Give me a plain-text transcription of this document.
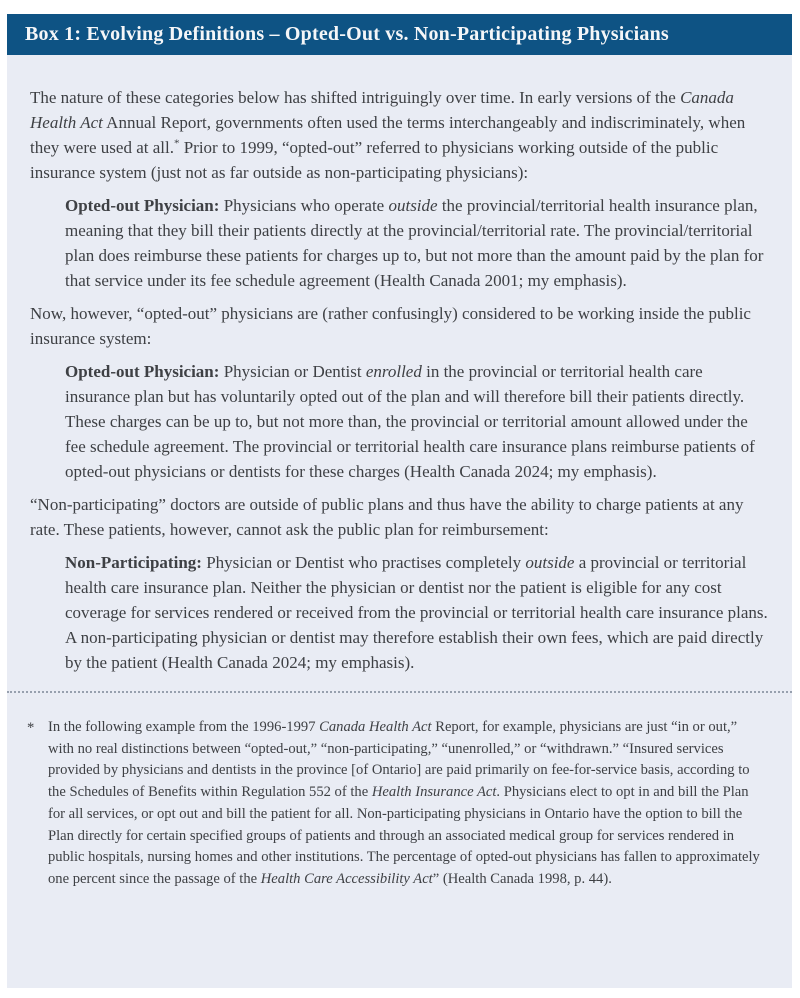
Box 1: Evolving Definitions – Opted-Out vs. Non-Participating Physicians

The nature of these categories below has shifted intriguingly over time. In early versions of the Canada Health Act Annual Report, governments often used the terms interchangeably and indiscriminately, when they were used at all.* Prior to 1999, “opted-out” referred to physicians working outside of the public insurance system (just not as far outside as non-participating physicians):

Opted-out Physician: Physicians who operate outside the provincial/territorial health insurance plan, meaning that they bill their patients directly at the provincial/territorial rate. The provincial/territorial plan does reimburse these patients for charges up to, but not more than the amount paid by the plan for that service under its fee schedule agreement (Health Canada 2001; my emphasis).

Now, however, “opted-out” physicians are (rather confusingly) considered to be working inside the public insurance system:

Opted-out Physician: Physician or Dentist enrolled in the provincial or territorial health care insurance plan but has voluntarily opted out of the plan and will therefore bill their patients directly. These charges can be up to, but not more than, the provincial or territorial amount allowed under the fee schedule agreement. The provincial or territorial health care insurance plans reimburse patients of opted-out physicians or dentists for these charges (Health Canada 2024; my emphasis).

“Non-participating” doctors are outside of public plans and thus have the ability to charge patients at any rate. These patients, however, cannot ask the public plan for reimbursement:

Non-Participating: Physician or Dentist who practises completely outside a provincial or territorial health care insurance plan. Neither the physician or dentist nor the patient is eligible for any cost coverage for services rendered or received from the provincial or territorial health care insurance plans. A non-participating physician or dentist may therefore establish their own fees, which are paid directly by the patient (Health Canada 2024; my emphasis).

* In the following example from the 1996-1997 Canada Health Act Report, for example, physicians are just “in or out,” with no real distinctions between “opted-out,” “non-participating,” “unenrolled,” or “withdrawn.” “Insured services provided by physicians and dentists in the province [of Ontario] are paid primarily on fee-for-service basis, according to the Schedules of Benefits within Regulation 552 of the Health Insurance Act. Physicians elect to opt in and bill the Plan for all services, or opt out and bill the patient for all. Non-participating physicians in Ontario have the option to bill the Plan directly for certain specified groups of patients and through an associated medical group for services rendered in public hospitals, nursing homes and other institutions. The percentage of opted-out physicians has fallen to approximately one percent since the passage of the Health Care Accessibility Act” (Health Canada 1998, p. 44).
